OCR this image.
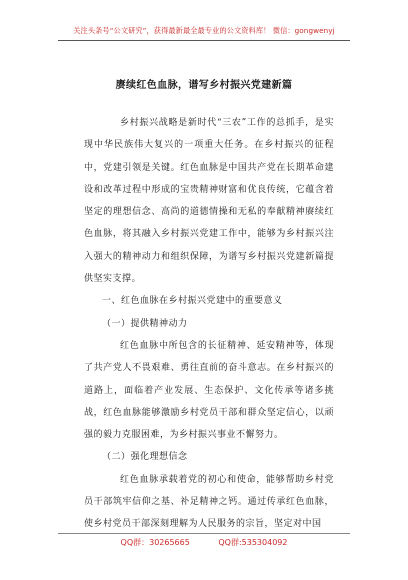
关注头条号“公文研究”，获得最新最全最专业的公文资料库！ 微信：gongwenyj
赓续红色血脉，谱写乡村振兴党建新篇

乡村振兴战略是新时代“三农”工作的总抓手，是实现中华民族伟大复兴的一项重大任务。在乡村振兴的征程中，党建引领是关键。红色血脉是中国共产党在长期革命建设和改革过程中形成的宝贵精神财富和优良传统，它蕴含着坚定的理想信念、高尚的道德情操和无私的奉献精神赓续红色血脉，将其融入乡村振兴党建工作中，能够为乡村振兴注入强大的精神动力和组织保障，为谱写乡村振兴党建新篇提供坚实支撑。

一、红色血脉在乡村振兴党建中的重要意义

（一）提供精神动力

红色血脉中所包含的长征精神、延安精神等，体现了共产党人不畏艰难、勇往直前的奋斗意志。在乡村振兴的道路上，面临着产业发展、生态保护、文化传承等诸多挑战，红色血脉能够激励乡村党员干部和群众坚定信心，以顽强的毅力克服困难，为乡村振兴事业不懈努力。

（二）强化理想信念

红色血脉承载着党的初心和使命，能够帮助乡村党员干部筑牢信仰之基、补足精神之钙。通过传承红色血脉，使乡村党员干部深刻理解为人民服务的宗旨，坚定对中国

QQ群：30265665	QQ群:535304092
